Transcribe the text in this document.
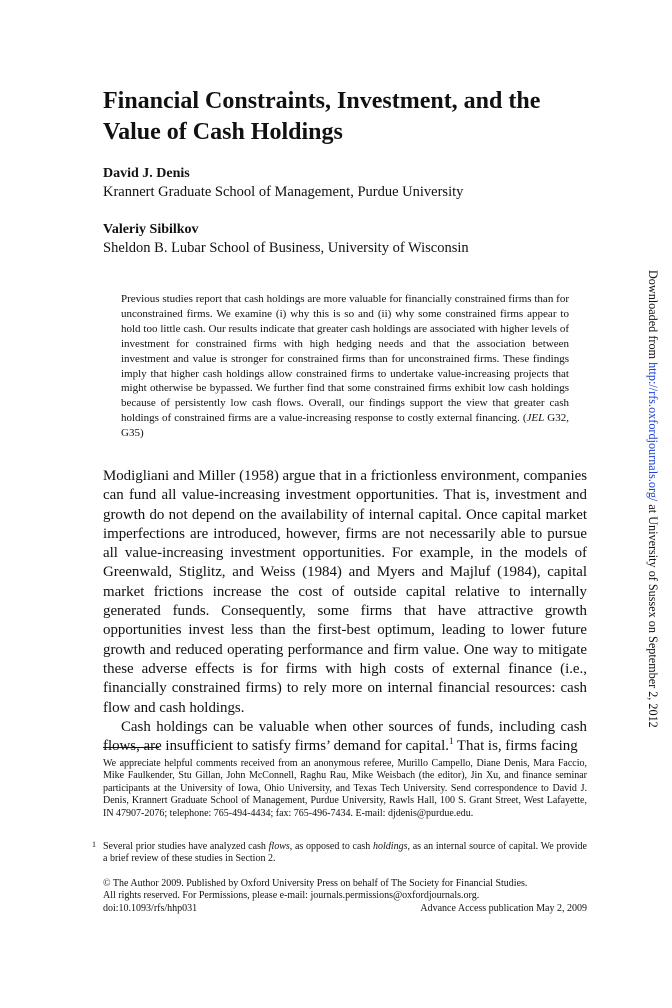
Financial Constraints, Investment, and the Value of Cash Holdings
David J. Denis
Krannert Graduate School of Management, Purdue University
Valeriy Sibilkov
Sheldon B. Lubar School of Business, University of Wisconsin

Previous studies report that cash holdings are more valuable for financially constrained firms than for unconstrained firms. We examine (i) why this is so and (ii) why some constrained firms appear to hold too little cash. Our results indicate that greater cash holdings are associated with higher levels of investment for constrained firms with high hedging needs and that the association between investment and value is stronger for constrained firms than for unconstrained firms. These findings imply that higher cash holdings allow constrained firms to undertake value-increasing projects that might otherwise be bypassed. We further find that some constrained firms exhibit low cash holdings because of persistently low cash flows. Overall, our findings support the view that greater cash holdings of constrained firms are a value-increasing response to costly external financing. (JEL G32, G35)

Modigliani and Miller (1958) argue that in a frictionless environment, companies can fund all value-increasing investment opportunities. That is, investment and growth do not depend on the availability of internal capital. Once capital market imperfections are introduced, however, firms are not necessarily able to pursue all value-increasing investment opportunities. For example, in the models of Greenwald, Stiglitz, and Weiss (1984) and Myers and Majluf (1984), capital market frictions increase the cost of outside capital relative to internally generated funds. Consequently, some firms that have attractive growth opportunities invest less than the first-best optimum, leading to lower future growth and reduced operating performance and firm value. One way to mitigate these adverse effects is for firms with high costs of external finance (i.e., financially constrained firms) to rely more on internal financial resources: cash flow and cash holdings.

Cash holdings can be valuable when other sources of funds, including cash flows, are insufficient to satisfy firms’ demand for capital.$^1$ That is, firms facing

We appreciate helpful comments received from an anonymous referee, Murillo Campello, Diane Denis, Mara Faccio, Mike Faulkender, Stu Gillan, John McConnell, Raghu Rau, Mike Weisbach (the editor), Jin Xu, and finance seminar participants at the University of Iowa, Ohio University, and Texas Tech University. Send correspondence to David J. Denis, Krannert Graduate School of Management, Purdue University, Rawls Hall, 100 S. Grant Street, West Lafayette, IN 47907-2076; telephone: 765-494-4434; fax: 765-496-7434. E-mail: djdenis@purdue.edu.

1 Several prior studies have analyzed cash flows, as opposed to cash holdings, as an internal source of capital. We provide a brief review of these studies in Section 2.

© The Author 2009. Published by Oxford University Press on behalf of The Society for Financial Studies.
All rights reserved. For Permissions, please e-mail: journals.permissions@oxfordjournals.org.
doi:10.1093/rfs/hhp031	Advance Access publication May 2, 2009
Downloaded from http://rfs.oxfordjournals.org/ at University of Sussex on September 2, 2012
